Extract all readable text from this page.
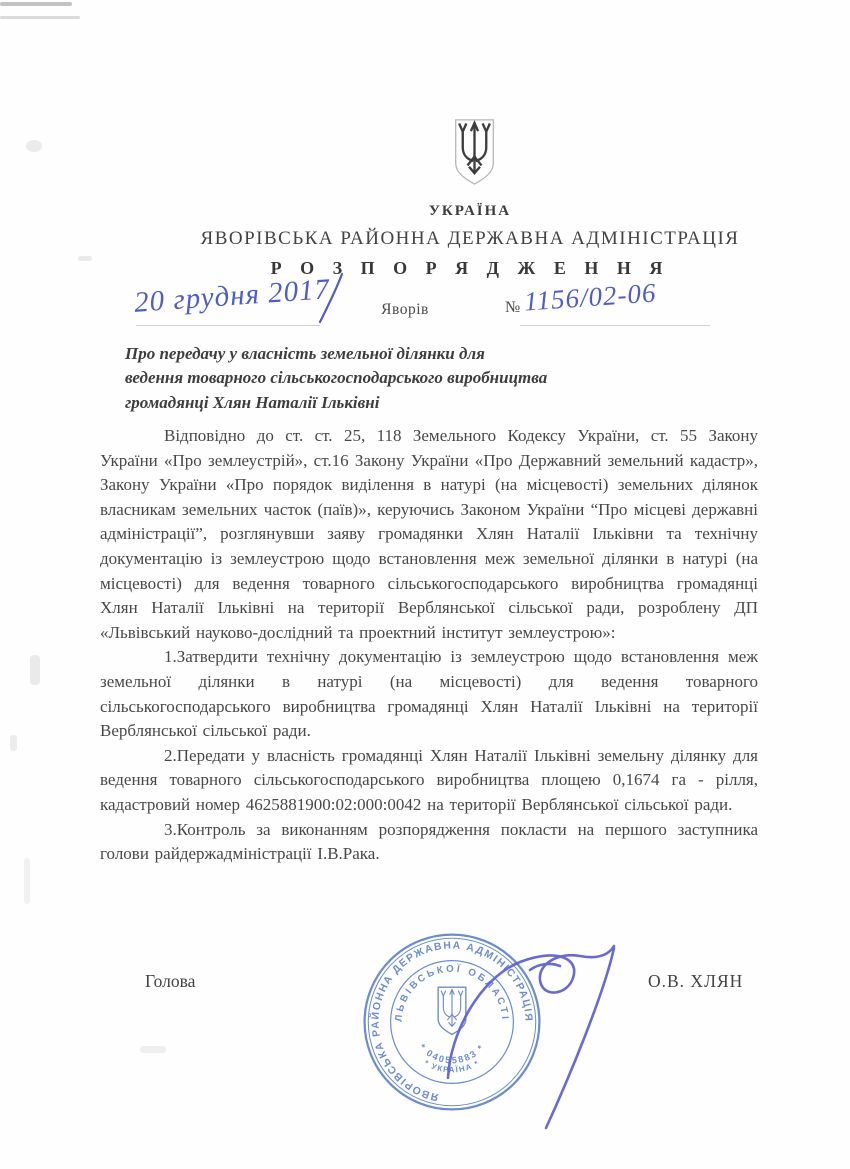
УКРАЇНА
ЯВОРІВСЬКА РАЙОННА ДЕРЖАВНА АДМІНІСТРАЦІЯ
Р О З П О Р Я Д Ж Е Н Н Я
20 грудня 2017	Яворів	№ 1156/02-06
Про передачу у власність земельної ділянки для
ведення товарного сільськогосподарського виробництва
громадянці Хлян Наталії Ільківні

Відповідно до ст. ст. 25, 118 Земельного Кодексу України, ст. 55 Закону України «Про землеустрій», ст.16 Закону України «Про Державний земельний кадастр», Закону України «Про порядок виділення в натурі (на місцевості) земельних ділянок власникам земельних часток (паїв)», керуючись Законом України “Про місцеві державні адміністрації”, розглянувши заяву громадянки Хлян Наталії Ільківни та технічну документацію із землеустрою щодо встановлення меж земельної ділянки в натурі (на місцевості) для ведення товарного сільськогосподарського виробництва громадянці Хлян Наталії Ільківні на території Верблянської сільської ради, розроблену ДП «Львівський науково-дослідний та проектний інститут землеустрою»:

1.Затвердити технічну документацію із землеустрою щодо встановлення меж земельної ділянки в натурі (на місцевості) для ведення товарного сільськогосподарського виробництва громадянці Хлян Наталії Ільківні на території Верблянської сільської ради.

2.Передати у власність громадянці Хлян Наталії Ільківні земельну ділянку для ведення товарного сільськогосподарського виробництва площею 0,1674 га - рілля, кадастровий номер 4625881900:02:000:0042 на території Верблянської сільської ради.

3.Контроль за виконанням розпорядження покласти на першого заступника голови райдержадміністрації І.В.Рака.

Голова	О.В. ХЛЯН
ЯВОРІВСЬКА РАЙОННА ДЕРЖАВНА АДМІНІСТРАЦІЯ
ЛЬВІВСЬКОЇ ОБЛАСТІ
* 04055883 *
* УКРАЇНА *
